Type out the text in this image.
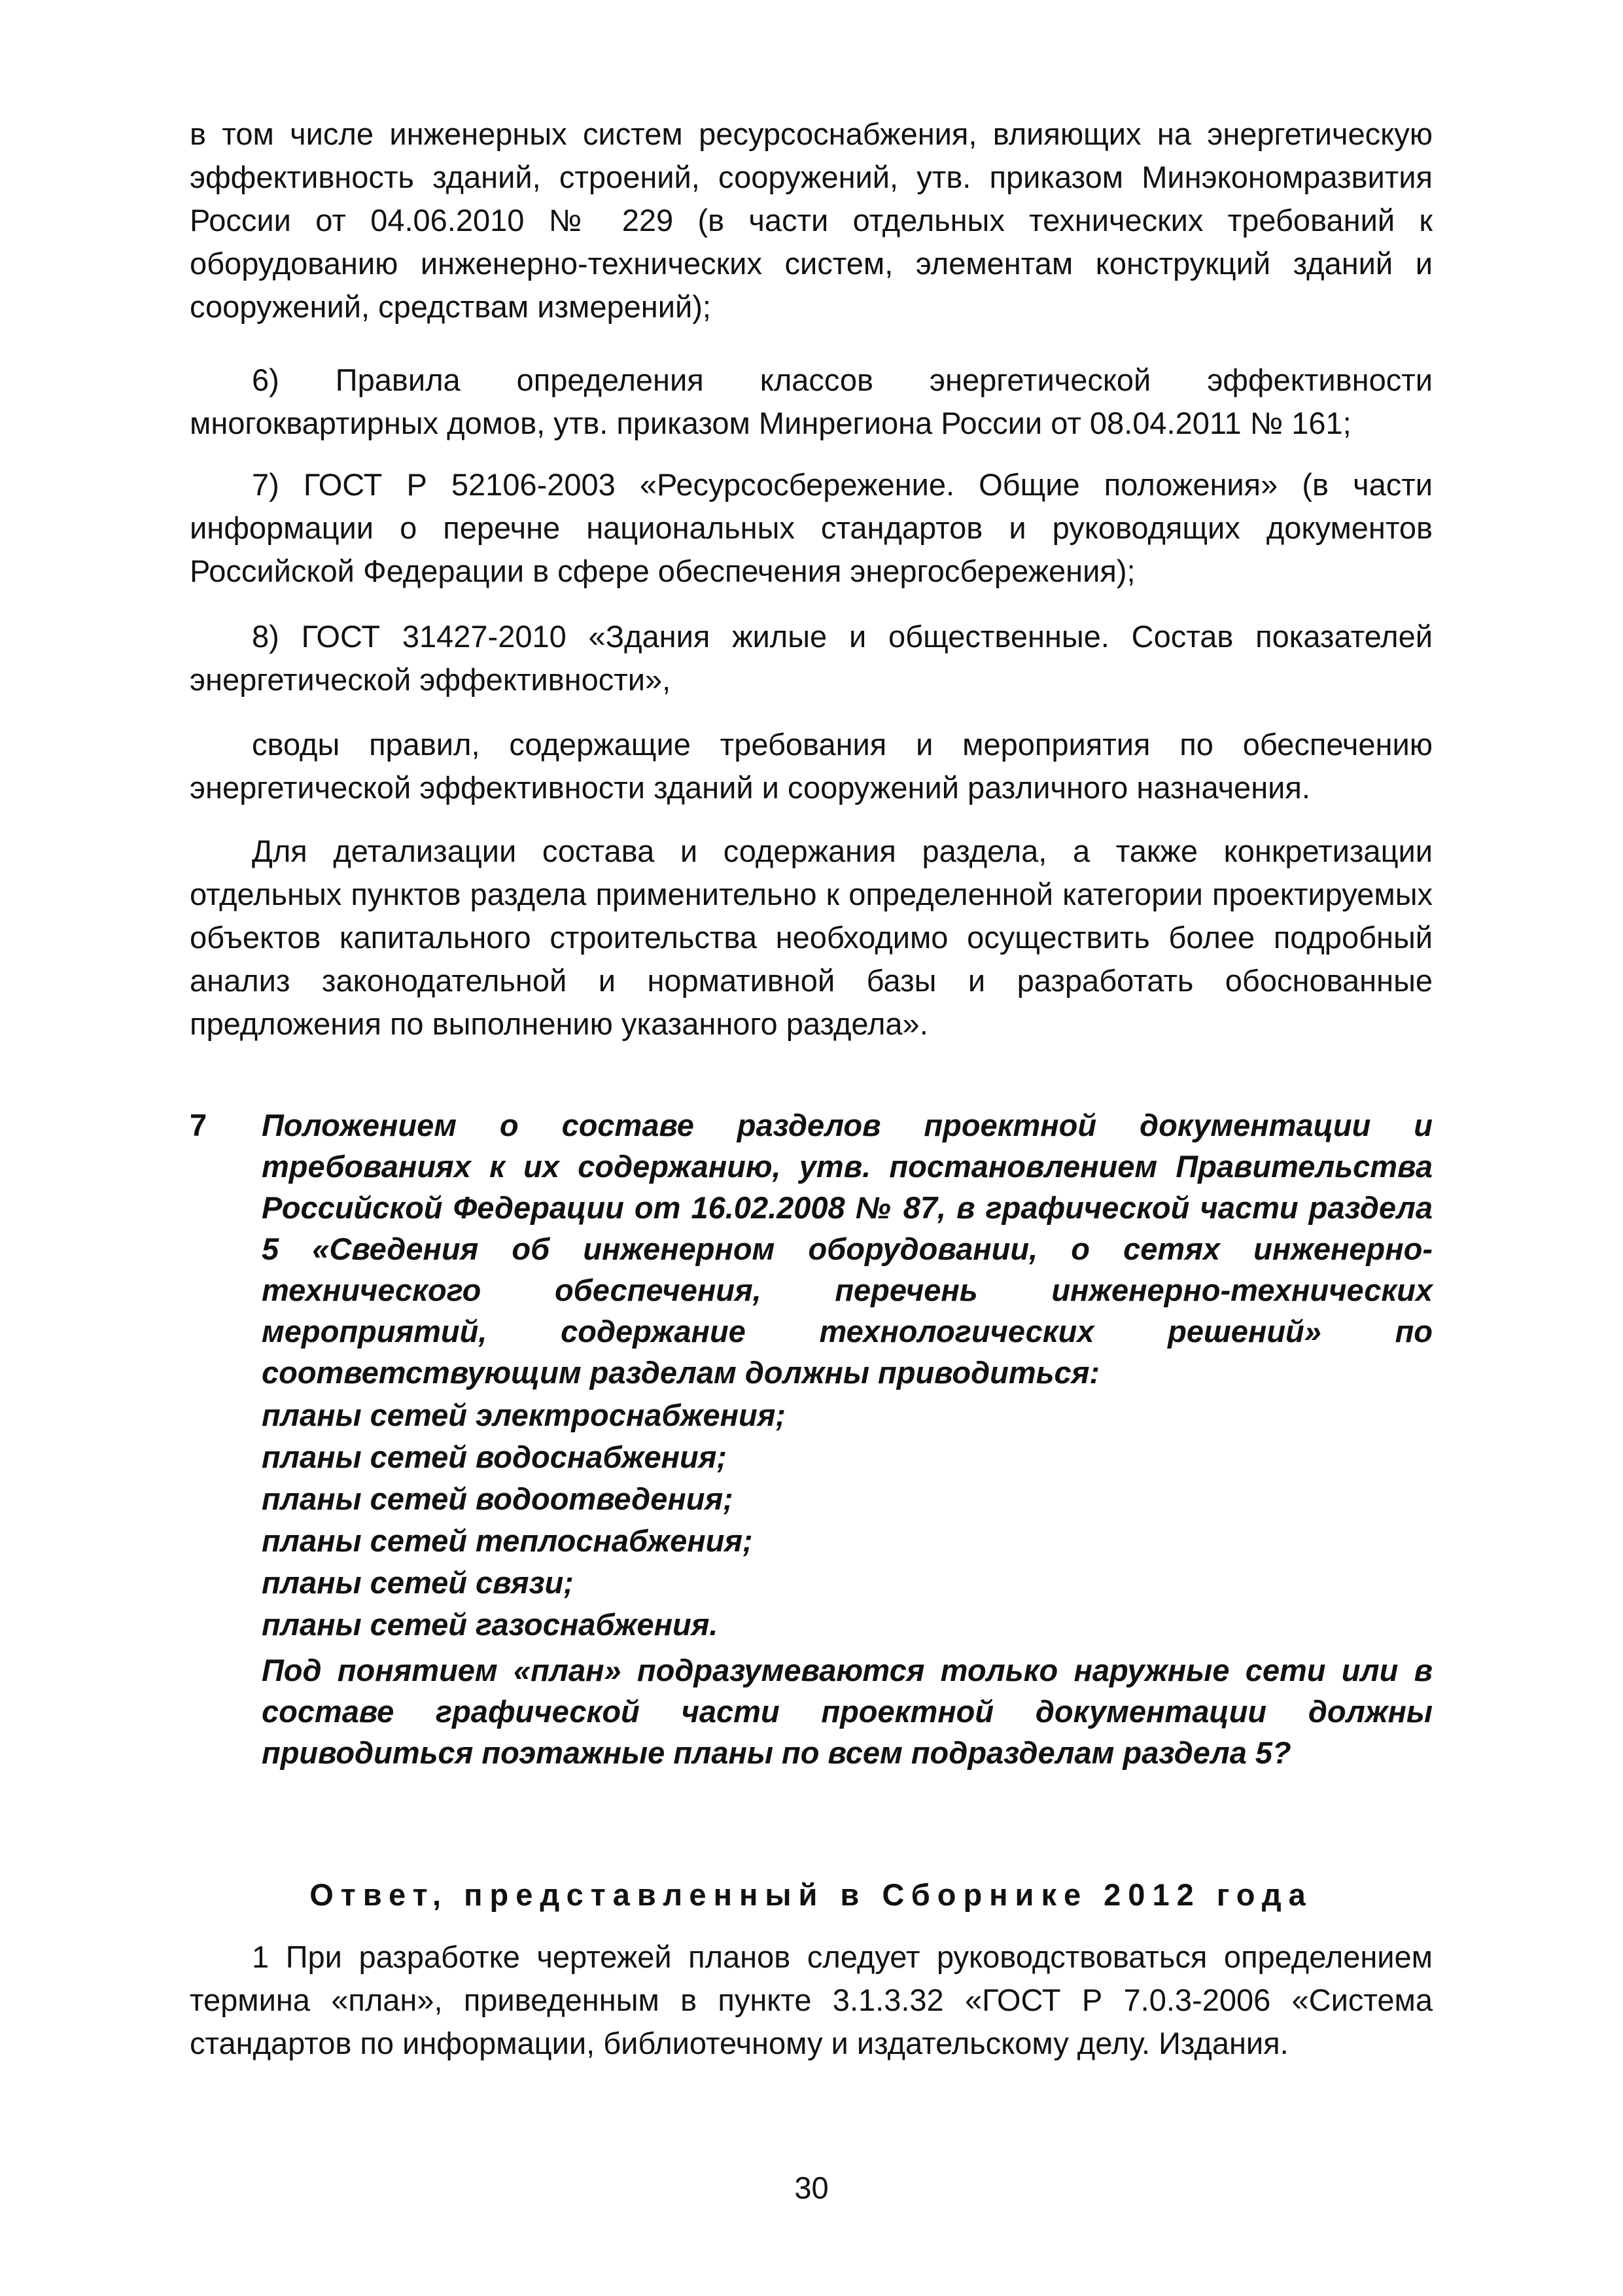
в том числе инженерных систем ресурсоснабжения, влияющих на энергетическую эффективность зданий, строений, сооружений, утв. приказом Минэкономразвития России от 04.06.2010 № 229 (в части отдельных технических требований к оборудованию инженерно-технических систем, элементам конструкций зданий и сооружений, средствам измерений);

6) Правила определения классов энергетической эффективности многоквартирных домов, утв. приказом Минрегиона России от 08.04.2011 № 161;

7) ГОСТ Р 52106-2003 «Ресурсосбережение. Общие положения» (в части информации о перечне национальных стандартов и руководящих документов Российской Федерации в сфере обеспечения энергосбережения);

8) ГОСТ 31427-2010 «Здания жилые и общественные. Состав показателей энергетической эффективности»,

своды правил, содержащие требования и мероприятия по обеспечению энергетической эффективности зданий и сооружений различного назначения.

Для детализации состава и содержания раздела, а также конкретизации отдельных пунктов раздела применительно к определенной категории проектируемых объектов капитального строительства необходимо осуществить более подробный анализ законодательной и нормативной базы и разработать обоснованные предложения по выполнению указанного раздела».

7 Положением о составе разделов проектной документации и требованиях к их содержанию, утв. постановлением Правительства Российской Федерации от 16.02.2008 № 87, в графической части раздела 5 «Сведения об инженерном оборудовании, о сетях инженерно-технического обеспечения, перечень инженерно-технических мероприятий, содержание технологических решений» по соответствующим разделам должны приводиться:

планы сетей электроснабжения;
планы сетей водоснабжения;
планы сетей водоотведения;
планы сетей теплоснабжения;
планы сетей связи;
планы сетей газоснабжения.

Под понятием «план» подразумеваются только наружные сети или в составе графической части проектной документации должны приводиться поэтажные планы по всем подразделам раздела 5?

Ответ, представленный в Сборнике 2012 года

1 При разработке чертежей планов следует руководствоваться определением термина «план», приведенным в пункте 3.1.3.32 «ГОСТ Р 7.0.3-2006 «Система стандартов по информации, библиотечному и издательскому делу. Издания.

30
